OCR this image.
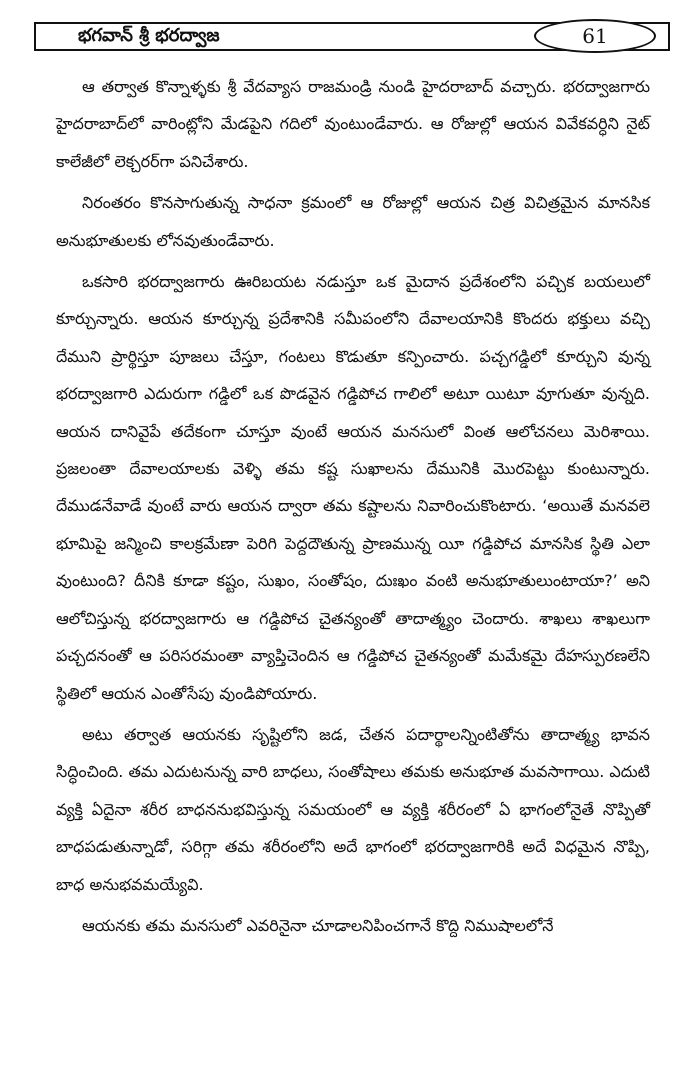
భగవాన్ శ్రీ భరద్వాజ	61

ఆ తర్వాత కొన్నాళ్ళకు శ్రీ వేదవ్యాస రాజమండ్రి నుండి హైదరాబాద్ వచ్చారు. భరద్వాజగారు హైదరాబాద్‌లో వారింట్లోని మేడపైని గదిలో వుంటుండేవారు. ఆ రోజుల్లో ఆయన వివేకవర్ధిని నైట్ కాలేజీలో లెక్చరర్‌గా పనిచేశారు.

నిరంతరం కొనసాగుతున్న సాధనా క్రమంలో ఆ రోజుల్లో ఆయన చిత్ర విచిత్రమైన మానసిక అనుభూతులకు లోనవుతుండేవారు.

ఒకసారి భరద్వాజగారు ఊరిబయట నడుస్తూ ఒక మైదాన ప్రదేశంలోని పచ్చిక బయలులో కూర్చున్నారు. ఆయన కూర్చున్న ప్రదేశానికి సమీపంలోని దేవాలయానికి కొందరు భక్తులు వచ్చి దేముని ప్రార్థిస్తూ పూజలు చేస్తూ, గంటలు కొడుతూ కన్పించారు. పచ్చగడ్డిలో కూర్చుని వున్న భరద్వాజగారి ఎదురుగా గడ్డిలో ఒక పొడవైన గడ్డిపోచ గాలిలో అటూ యిటూ వూగుతూ వున్నది. ఆయన దానివైపే తదేకంగా చూస్తూ వుంటే ఆయన మనసులో వింత ఆలోచనలు మెరిశాయి. ప్రజలంతా దేవాలయాలకు వెళ్ళి తమ కష్ట సుఖాలను దేమునికి మొరపెట్టు కుంటున్నారు. దేముడనేవాడే వుంటే వారు ఆయన ద్వారా తమ కష్టాలను నివారించుకొంటారు. ‘అయితే మనవలె భూమిపై జన్మించి కాలక్రమేణా పెరిగి పెద్దదౌతున్న ప్రాణమున్న యీ గడ్డిపోచ మానసిక స్థితి ఎలా వుంటుంది? దీనికి కూడా కష్టం, సుఖం, సంతోషం, దుఃఖం వంటి అనుభూతులుంటాయా?’ అని ఆలోచిస్తున్న భరద్వాజగారు ఆ గడ్డిపోచ చైతన్యంతో తాదాత్మ్యం చెందారు. శాఖలు శాఖలుగా పచ్చదనంతో ఆ పరిసరమంతా వ్యాప్తిచెందిన ఆ గడ్డిపోచ చైతన్యంతో మమేకమై దేహస్పురణలేని స్థితిలో ఆయన ఎంతోసేపు వుండిపోయారు.

అటు తర్వాత ఆయనకు సృష్టిలోని జడ, చేతన పదార్థాలన్నింటితోను తాదాత్మ్య భావన సిద్ధించింది. తమ ఎదుటనున్న వారి బాధలు, సంతోషాలు తమకు అనుభూత మవసాగాయి. ఎదుటి వ్యక్తి ఏదైనా శరీర బాధననుభవిస్తున్న సమయంలో ఆ వ్యక్తి శరీరంలో ఏ భాగంలోనైతే నొప్పితో బాధపడుతున్నాడో, సరిగ్గా తమ శరీరంలోని అదే భాగంలో భరద్వాజగారికి అదే విధమైన నొప్పి, బాధ అనుభవమయ్యేవి.

ఆయనకు తమ మనసులో ఎవరినైనా చూడాలనిపించగానే కొద్ది నిముషాలలోనే
